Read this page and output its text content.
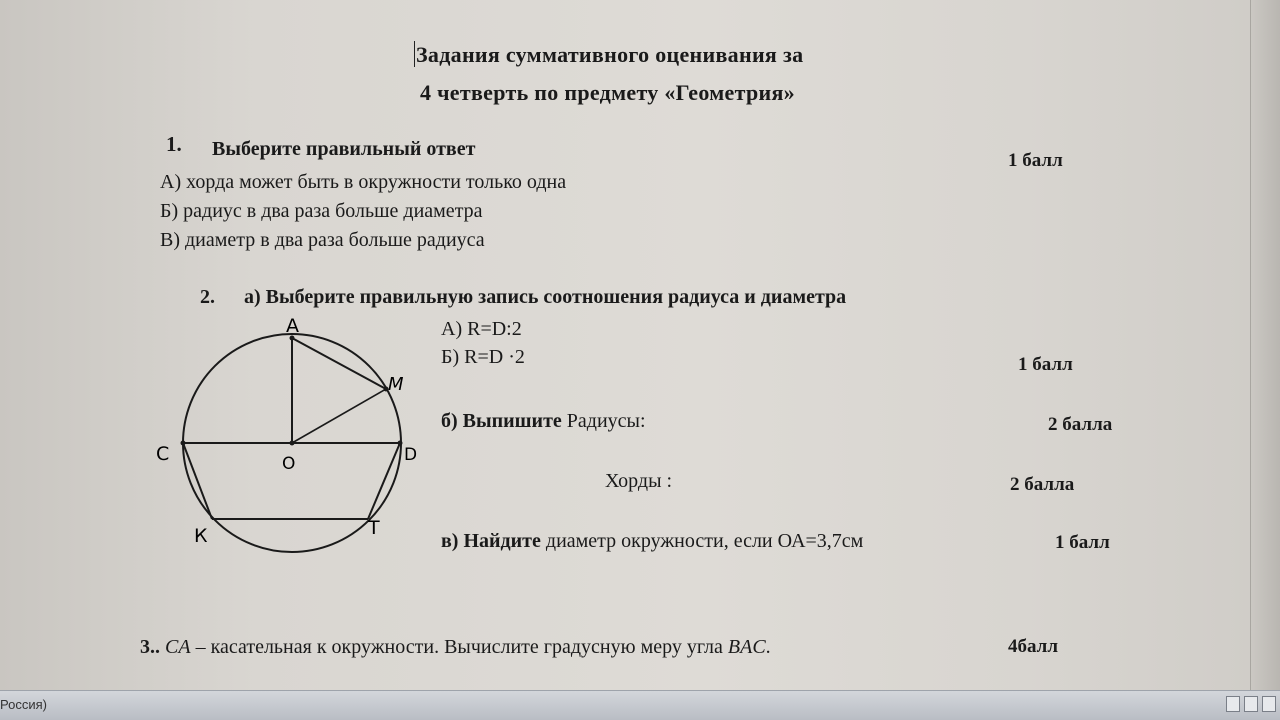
Задания суммативного оценивания за
4 четверть по предмету «Геометрия»
1. Выберите правильный ответ
1 балл
А) хорда может быть в окружности только одна
Б) радиус в два раза больше диаметра
В) диаметр в два раза больше радиуса
2. а) Выберите правильную запись соотношения радиуса и диаметра
А) R=D:2
Б) R=D ·2	1 балл
б) Выпишите Радиусы:	2 балла
Хорды :	2 балла
в) Найдите диаметр окружности, если ОА=3,7см	1 балл
А
М
С	О	D
К	Т
3.. CA – касательная к окружности. Вычислите градусную меру угла BAC.	4балл
Россия)
